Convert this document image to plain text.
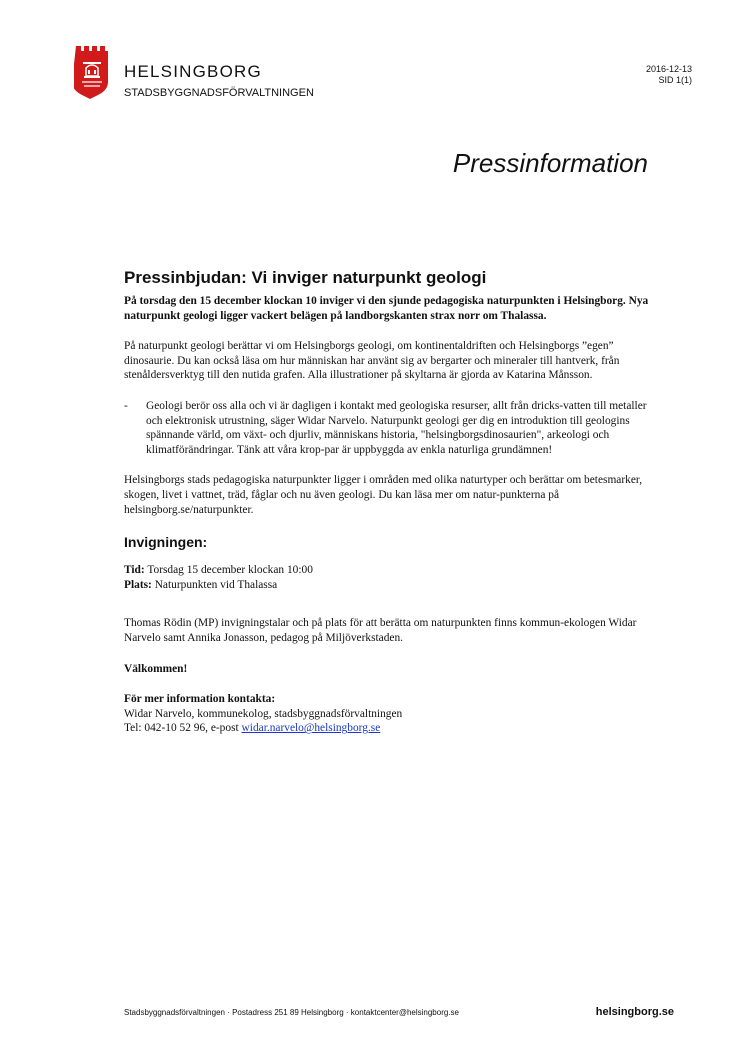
HELSINGBORG
STADSBYGGNADSFÖRVALTNINGEN
2016-12-13
SID 1(1)
Pressinformation
Pressinbjudan: Vi inviger naturpunkt geologi

På torsdag den 15 december klockan 10 inviger vi den sjunde pedagogiska naturpunkten i Helsingborg. Nya naturpunkt geologi ligger vackert belägen på landborgskanten strax norr om Thalassa.

På naturpunkt geologi berättar vi om Helsingborgs geologi, om kontinentaldriften och Helsingborgs ”egen” dinosaurie. Du kan också läsa om hur människan har använt sig av bergarter och mineraler till hantverk, från stenåldersverktyg till den nutida grafen. Alla illustrationer på skyltarna är gjorda av Katarina Månsson.

- Geologi berör oss alla och vi är dagligen i kontakt med geologiska resurser, allt från dricks-vatten till metaller och elektronisk utrustning, säger Widar Narvelo. Naturpunkt geologi ger dig en introduktion till geologins spännande värld, om växt- och djurliv, människans historia, "helsingborgsdinosaurien", arkeologi och klimatförändringar. Tänk att våra krop-par är uppbyggda av enkla naturliga grundämnen!

Helsingborgs stads pedagogiska naturpunkter ligger i områden med olika naturtyper och berättar om betesmarker, skogen, livet i vattnet, träd, fåglar och nu även geologi. Du kan läsa mer om natur-punkterna på helsingborg.se/naturpunkter.

Invigningen:
Tid: Torsdag 15 december klockan 10:00
Plats: Naturpunkten vid Thalassa

Thomas Rödin (MP) invigningstalar och på plats för att berätta om naturpunkten finns kommun-ekologen Widar Narvelo samt Annika Jonasson, pedagog på Miljöverkstaden.

Välkommen!

För mer information kontakta:
Widar Narvelo, kommunekolog, stadsbyggnadsförvaltningen
Tel: 042-10 52 96, e-post widar.narvelo@helsingborg.se
Stadsbyggnadsförvaltningen · Postadress 251 89 Helsingborg · kontaktcenter@helsingborg.se	helsingborg.se
